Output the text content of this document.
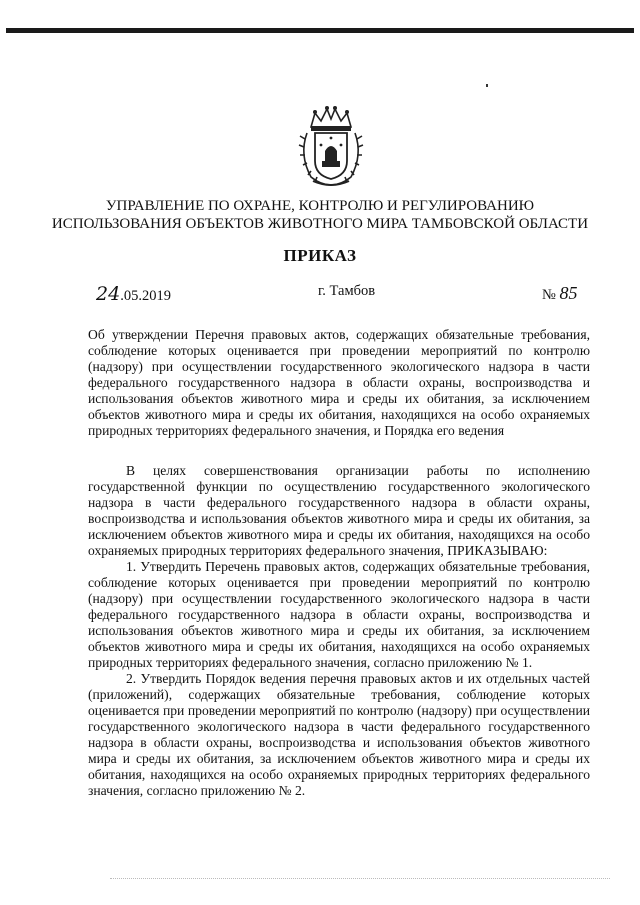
УПРАВЛЕНИЕ ПО ОХРАНЕ, КОНТРОЛЮ И РЕГУЛИРОВАНИЮ
ИСПОЛЬЗОВАНИЯ ОБЪЕКТОВ ЖИВОТНОГО МИРА ТАМБОВСКОЙ ОБЛАСТИ
ПРИКАЗ
24.05.2019	г. Тамбов	№ 85
Об утверждении Перечня правовых актов, содержащих обязательные требования, соблюдение которых оценивается при проведении мероприятий по контролю (надзору) при осуществлении государственного экологического надзора в части федерального государственного надзора в области охраны, воспроизводства и использования объектов животного мира и среды их обитания, за исключением объектов животного мира и среды их обитания, находящихся на особо охраняемых природных территориях федерального значения, и Порядка его ведения

В целях совершенствования организации работы по исполнению государственной функции по осуществлению государственного экологического надзора в части федерального государственного надзора в области охраны, воспроизводства и использования объектов животного мира и среды их обитания, за исключением объектов животного мира и среды их обитания, находящихся на особо охраняемых природных территориях федерального значения, ПРИКАЗЫВАЮ:

1. Утвердить Перечень правовых актов, содержащих обязательные требования, соблюдение которых оценивается при проведении мероприятий по контролю (надзору) при осуществлении государственного экологического надзора в части федерального государственного надзора в области охраны, воспроизводства и использования объектов животного мира и среды их обитания, за исключением объектов животного мира и среды их обитания, находящихся на особо охраняемых природных территориях федерального значения, согласно приложению № 1.

2. Утвердить Порядок ведения перечня правовых актов и их отдельных частей (приложений), содержащих обязательные требования, соблюдение которых оценивается при проведении мероприятий по контролю (надзору) при осуществлении государственного экологического надзора в части федерального государственного надзора в области охраны, воспроизводства и использования объектов животного мира и среды их обитания, за исключением объектов животного мира и среды их обитания, находящихся на особо охраняемых природных территориях федерального значения, согласно приложению № 2.
